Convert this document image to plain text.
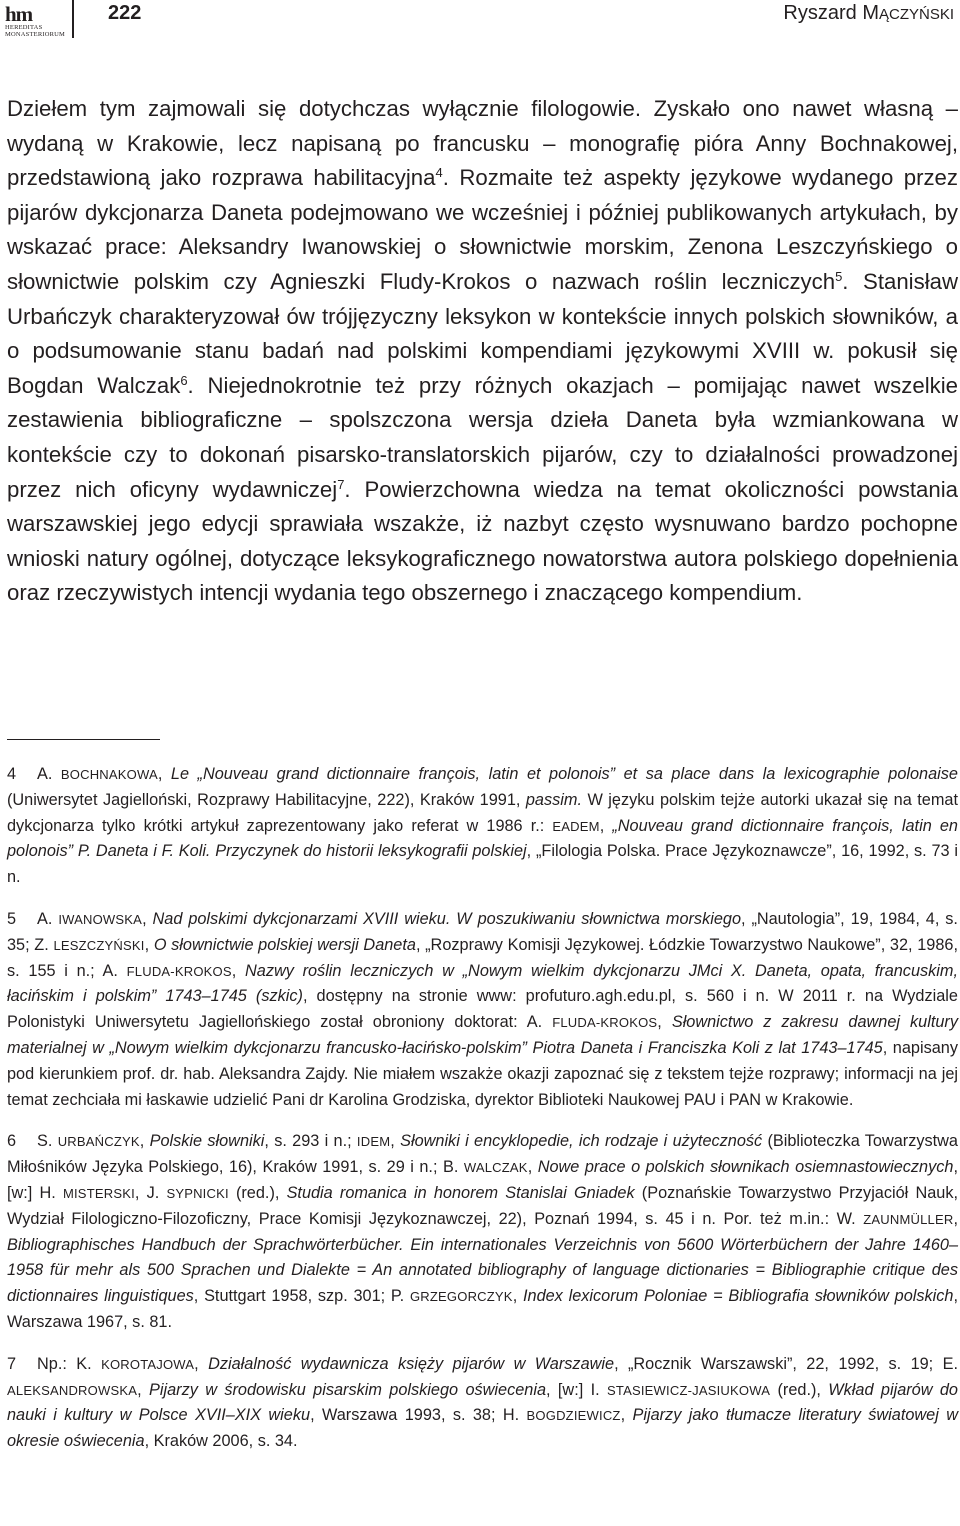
hm
HEREDITAS
MONASTERIORUM
222	Ryszard MĄCZYŃSKI

Dziełem tym zajmowali się dotychczas wyłącznie filologowie. Zyskało ono nawet własną – wydaną w Krakowie, lecz napisaną po francusku – monografię pióra Anny Bochnakowej, przedstawioną jako rozprawa habilitacyjna$^4$. Rozmaite też aspekty językowe wydanego przez pijarów dykcjonarza Daneta podejmowano we wcześniej i później publikowanych artykułach, by wskazać prace: Aleksandry Iwanowskiej o słownictwie morskim, Zenona Leszczyńskiego o słownictwie polskim czy Agnieszki Fludy-Krokos o nazwach roślin leczniczych$^5$. Stanisław Urbańczyk charakteryzował ów trójjęzyczny leksykon w kontekście innych polskich słowników, a o podsumowanie stanu badań nad polskimi kompendiami językowymi XVIII w. pokusił się Bogdan Walczak$^6$. Niejednokrotnie też przy różnych okazjach – pomijając nawet wszelkie zestawienia bibliograficzne – spolszczona wersja dzieła Daneta była wzmiankowana w kontekście czy to dokonań pisarsko-translatorskich pijarów, czy to działalności prowadzonej przez nich oficyny wydawniczej$^7$. Powierzchowna wiedza na temat okoliczności powstania warszawskiej jego edycji sprawiała wszakże, iż nazbyt często wysnuwano bardzo pochopne wnioski natury ogólnej, dotyczące leksykograficznego nowatorstwa autora polskiego dopełnienia oraz rzeczywistych intencji wydania tego obszernego i znaczącego kompendium.

4 A. BOCHNAKOWA, Le „Nouveau grand dictionnaire françois, latin et polonois” et sa place dans la lexicographie polonaise (Uniwersytet Jagielloński, Rozprawy Habilitacyjne, 222), Kraków 1991, passim. W języku polskim tejże autorki ukazał się na temat dykcjonarza tylko krótki artykuł zaprezentowany jako referat w 1986 r.: EADEM, „Nouveau grand dictionnaire françois, latin en polonois” P. Daneta i F. Koli. Przyczynek do historii leksykografii polskiej, „Filologia Polska. Prace Językoznawcze”, 16, 1992, s. 73 i n.

5 A. IWANOWSKA, Nad polskimi dykcjonarzami XVIII wieku. W poszukiwaniu słownictwa morskiego, „Nautologia”, 19, 1984, 4, s. 35; Z. LESZCZYŃSKI, O słownictwie polskiej wersji Daneta, „Rozprawy Komisji Językowej. Łódzkie Towarzystwo Naukowe”, 32, 1986, s. 155 i n.; A. FLUDA-KROKOS, Nazwy roślin leczniczych w „Nowym wielkim dykcjonarzu JMci X. Daneta, opata, francuskim, łacińskim i polskim” 1743–1745 (szkic), dostępny na stronie www: profuturo.agh.edu.pl, s. 560 i n. W 2011 r. na Wydziale Polonistyki Uniwersytetu Jagiellońskiego został obroniony doktorat: A. FLUDA-KROKOS, Słownictwo z zakresu dawnej kultury materialnej w „Nowym wielkim dykcjonarzu francusko-łacińsko-polskim” Piotra Daneta i Franciszka Koli z lat 1743–1745, napisany pod kierunkiem prof. dr. hab. Aleksandra Zajdy. Nie miałem wszakże okazji zapoznać się z tekstem tejże rozprawy; informacji na jej temat zechciała mi łaskawie udzielić Pani dr Karolina Grodziska, dyrektor Biblioteki Naukowej PAU i PAN w Krakowie.

6 S. URBAŃCZYK, Polskie słowniki, s. 293 i n.; IDEM, Słowniki i encyklopedie, ich rodzaje i użyteczność (Biblioteczka Towarzystwa Miłośników Języka Polskiego, 16), Kraków 1991, s. 29 i n.; B. WALCZAK, Nowe prace o polskich słownikach osiemnastowiecznych, [w:] H. MISTERSKI, J. SYPNICKI (red.), Studia romanica in honorem Stanislai Gniadek (Poznańskie Towarzystwo Przyjaciół Nauk, Wydział Filologiczno-Filozoficzny, Prace Komisji Językoznawczej, 22), Poznań 1994, s. 45 i n. Por. też m.in.: W. ZAUNMÜLLER, Bibliographisches Handbuch der Sprachwörterbücher. Ein internationales Verzeichnis von 5600 Wörterbüchern der Jahre 1460–1958 für mehr als 500 Sprachen und Dialekte = An annotated bibliography of language dictionaries = Bibliographie critique des dictionnaires linguistiques, Stuttgart 1958, szp. 301; P. GRZEGORCZYK, Index lexicorum Poloniae = Bibliografia słowników polskich, Warszawa 1967, s. 81.

7 Np.: K. KOROTAJOWA, Działalność wydawnicza księży pijarów w Warszawie, „Rocznik Warszawski”, 22, 1992, s. 19; E. ALEKSANDROWSKA, Pijarzy w środowisku pisarskim polskiego oświecenia, [w:] I. STASIEWICZ-JASIUKOWA (red.), Wkład pijarów do nauki i kultury w Polsce XVII–XIX wieku, Warszawa 1993, s. 38; H. BOGDZIEWICZ, Pijarzy jako tłumacze literatury światowej w okresie oświecenia, Kraków 2006, s. 34.
